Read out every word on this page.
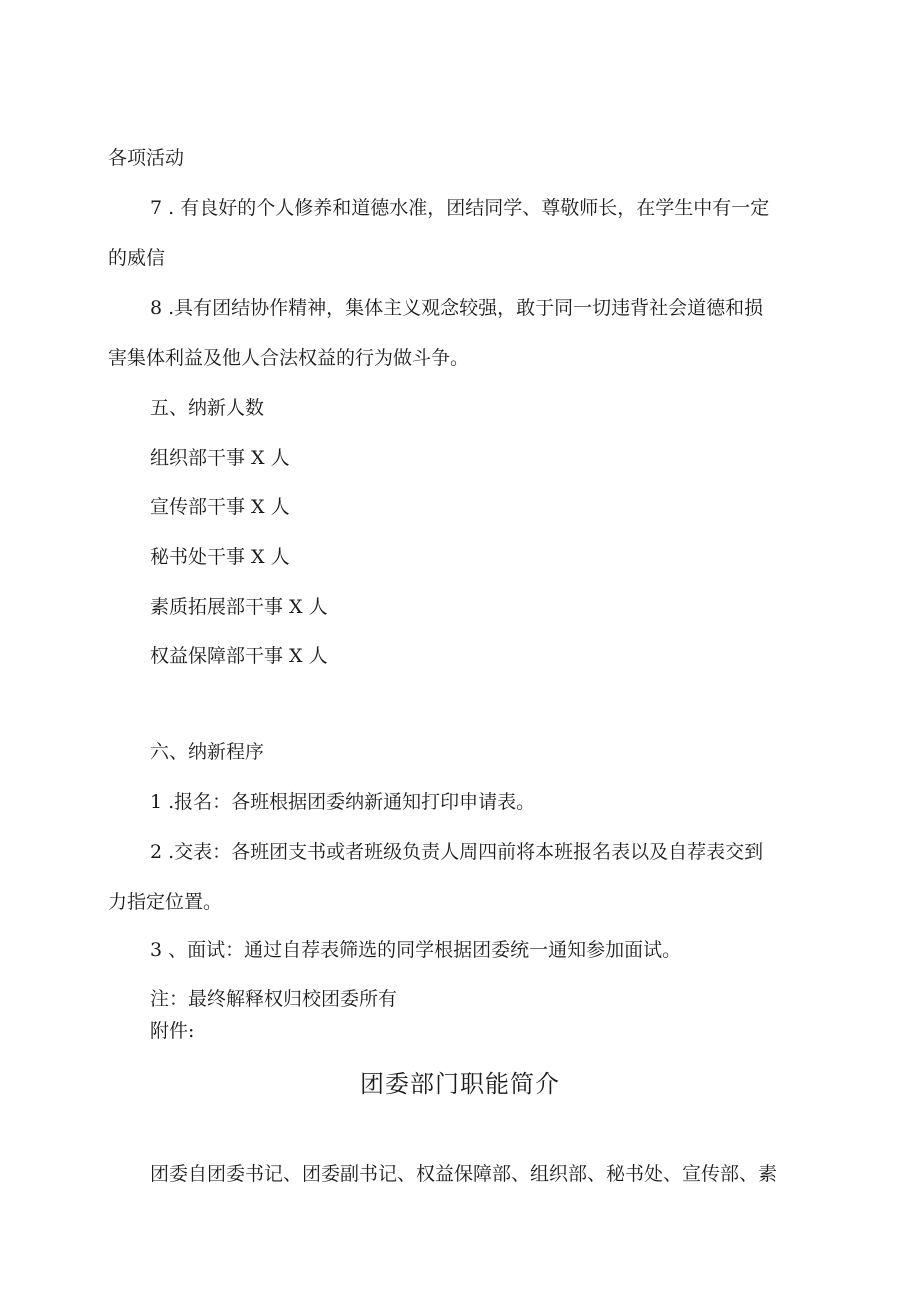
各项活动
7 . 有良好的个人修养和道德水准，团结同学、尊敬师长，在学生中有一定
的威信
8 .具有团结协作精神，集体主义观念较强，敢于同一切违背社会道德和损
害集体利益及他人合法权益的行为做斗争。
五、纳新人数
组织部干事 X 人
宣传部干事 X 人
秘书处干事 X 人
素质拓展部干事 X 人
权益保障部干事 X 人
六、纳新程序
1 .报名：各班根据团委纳新通知打印申请表。
2 .交表：各班团支书或者班级负责人周四前将本班报名表以及自荐表交到
力指定位置。
3 、面试：通过自荐表筛选的同学根据团委统一通知参加面试。
注：最终解释权归校团委所有
附件:
团委部门职能简介
团委自团委书记、团委副书记、权益保障部、组织部、秘书处、宣传部、素
